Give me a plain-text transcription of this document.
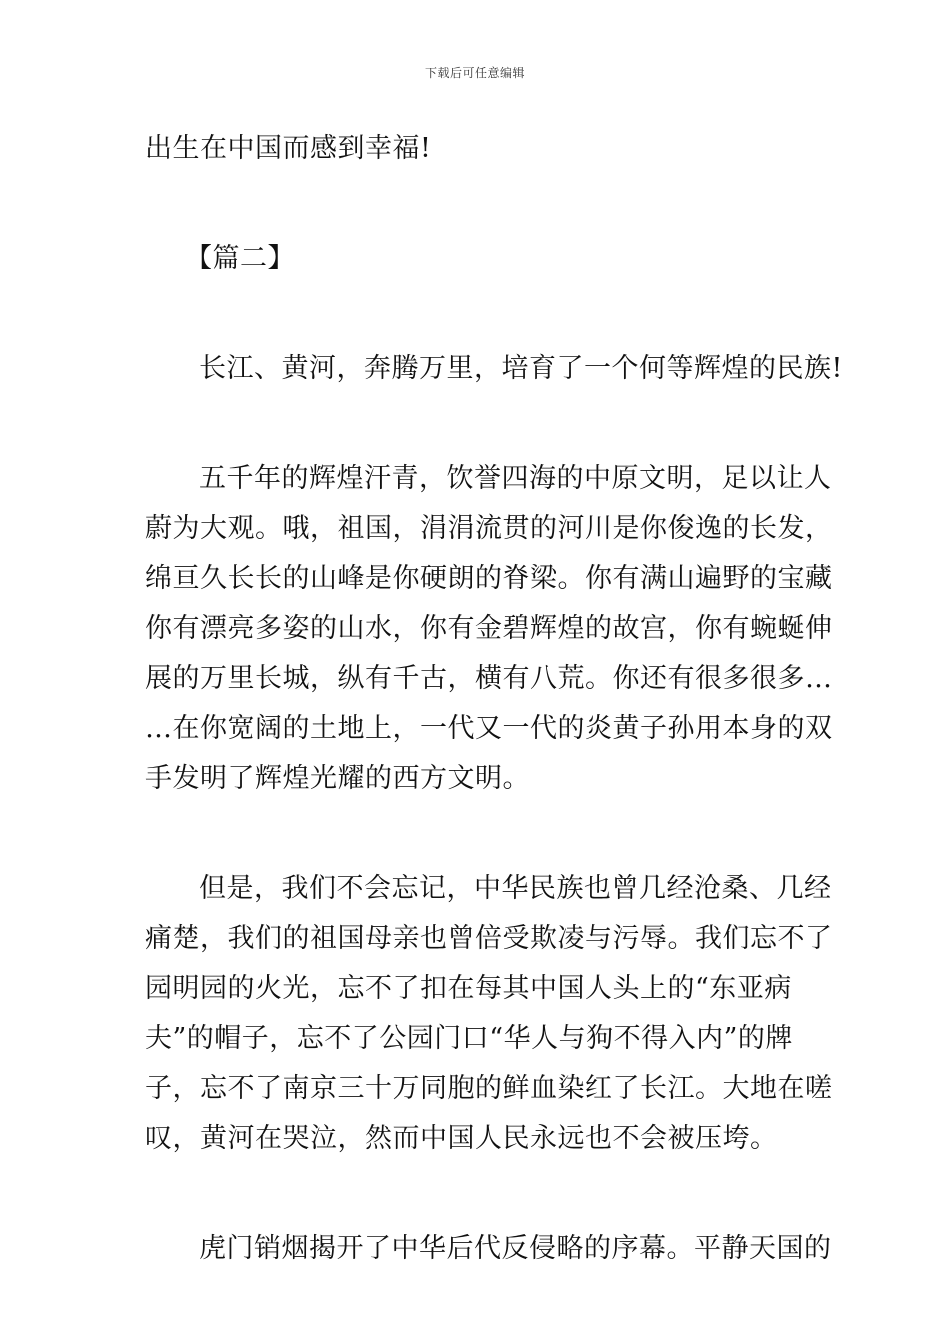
下载后可任意编辑

出生在中国而感到幸福!

【篇二】

长江、黄河，奔腾万里，培育了一个何等辉煌的民族!

五千年的辉煌汗青，饮誉四海的中原文明，足以让人
蔚为大观。哦，祖国，涓涓流贯的河川是你俊逸的长发，
绵亘久长长的山峰是你硬朗的脊梁。你有满山遍野的宝藏
你有漂亮多姿的山水，你有金碧辉煌的故宫，你有蜿蜒伸
展的万里长城，纵有千古，横有八荒。你还有很多很多…
…在你宽阔的土地上，一代又一代的炎黄子孙用本身的双
手发明了辉煌光耀的西方文明。

但是，我们不会忘记，中华民族也曾几经沧桑、几经
痛楚，我们的祖国母亲也曾倍受欺凌与污辱。我们忘不了
园明园的火光，忘不了扣在每其中国人头上的“东亚病
夫”的帽子，忘不了公园门口“华人与狗不得入内”的牌
子，忘不了南京三十万同胞的鲜血染红了长江。大地在嗟
叹，黄河在哭泣，然而中国人民永远也不会被压垮。

虎门销烟揭开了中华后代反侵略的序幕。平静天国的
